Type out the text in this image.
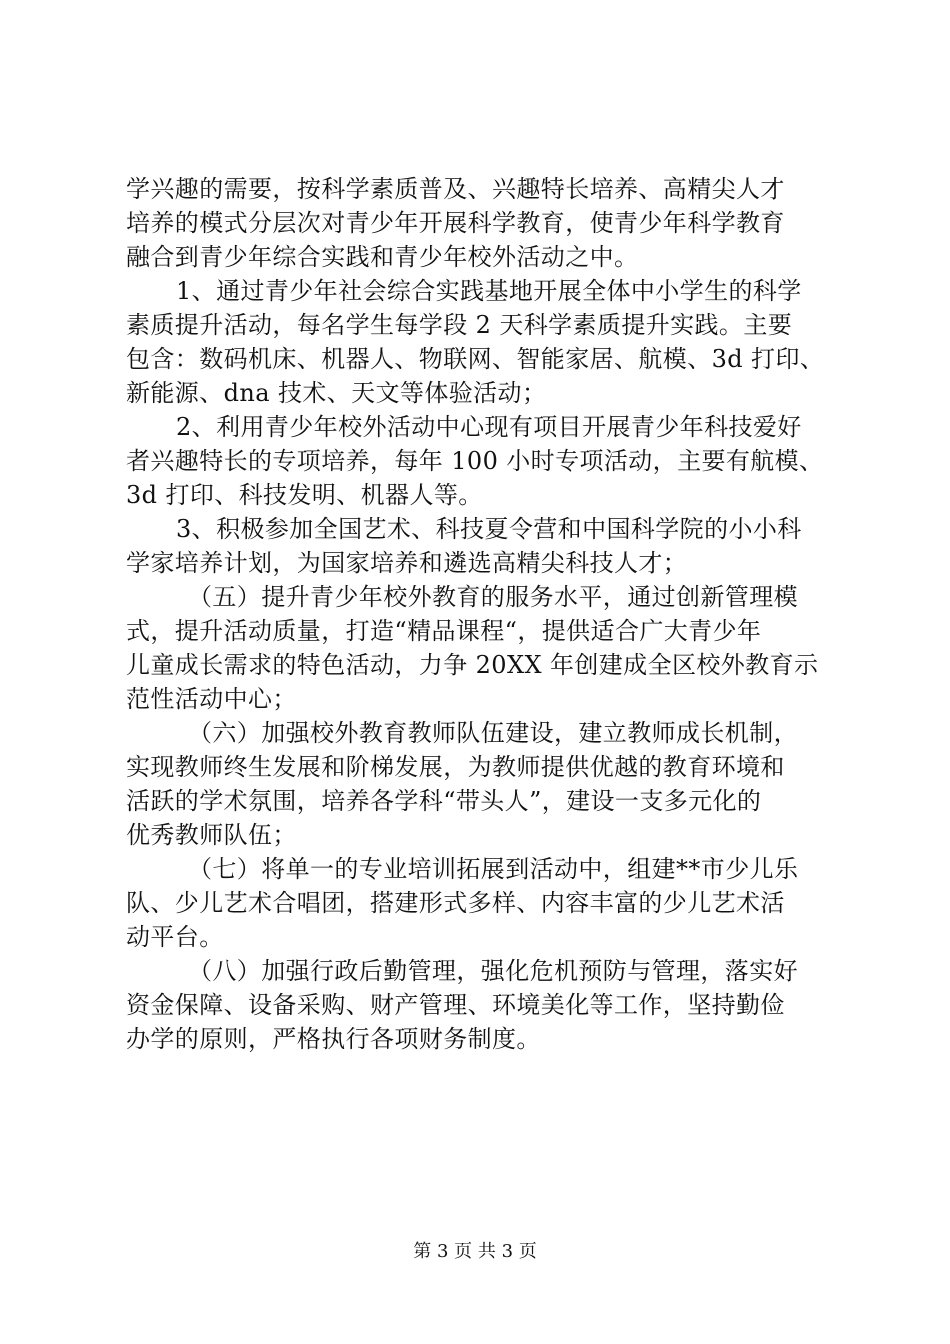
学兴趣的需要，按科学素质普及、兴趣特长培养、高精尖人才
培养的模式分层次对青少年开展科学教育，使青少年科学教育
融合到青少年综合实践和青少年校外活动之中。
1、通过青少年社会综合实践基地开展全体中小学生的科学
素质提升活动，每名学生每学段 2 天科学素质提升实践。主要
包含：数码机床、机器人、物联网、智能家居、航模、3d 打印、
新能源、dna 技术、天文等体验活动；
2、利用青少年校外活动中心现有项目开展青少年科技爱好
者兴趣特长的专项培养，每年 100 小时专项活动，主要有航模、
3d 打印、科技发明、机器人等。
3、积极参加全国艺术、科技夏令营和中国科学院的小小科
学家培养计划，为国家培养和遴选高精尖科技人才；
（五）提升青少年校外教育的服务水平，通过创新管理模
式，提升活动质量，打造“精品课程“，提供适合广大青少年
儿童成长需求的特色活动，力争 20XX 年创建成全区校外教育示
范性活动中心；
（六）加强校外教育教师队伍建设，建立教师成长机制，
实现教师终生发展和阶梯发展，为教师提供优越的教育环境和
活跃的学术氛围，培养各学科“带头人”，建设一支多元化的
优秀教师队伍；
（七）将单一的专业培训拓展到活动中，组建**市少儿乐
队、少儿艺术合唱团，搭建形式多样、内容丰富的少儿艺术活
动平台。
（八）加强行政后勤管理，强化危机预防与管理，落实好
资金保障、设备采购、财产管理、环境美化等工作，坚持勤俭
办学的原则，严格执行各项财务制度。
第 3 页 共 3 页
